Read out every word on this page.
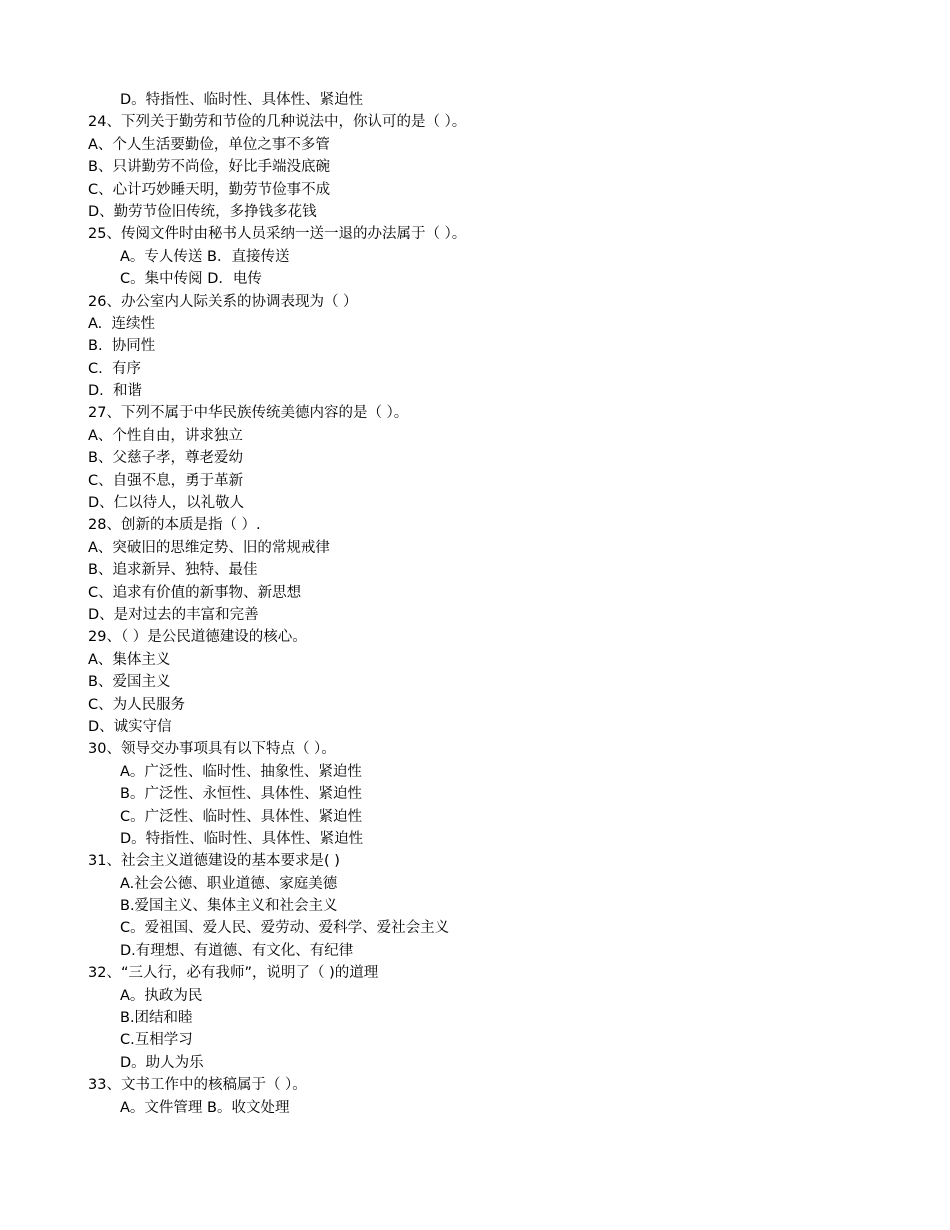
D。特指性、临时性、具体性、紧迫性
24、下列关于勤劳和节俭的几种说法中，你认可的是（ ）。
A、个人生活要勤俭，单位之事不多管
B、只讲勤劳不尚俭，好比手端没底碗
C、心计巧妙睡天明，勤劳节俭事不成
D、勤劳节俭旧传统，多挣钱多花钱
25、传阅文件时由秘书人员采纳一送一退的办法属于（ ）。
A。专人传送 B．直接传送
C。集中传阅 D．电传
26、办公室内人际关系的协调表现为（ ）
A.  连续性
B.  协同性
C.  有序
D.  和谐
27、下列不属于中华民族传统美德内容的是（ ）。
A、个性自由，讲求独立
B、父慈子孝，尊老爱幼
C、自强不息，勇于革新
D、仁以待人，以礼敬人
28、创新的本质是指（ ）.
A、突破旧的思维定势、旧的常规戒律
B、追求新异、独特、最佳
C、追求有价值的新事物、新思想
D、是对过去的丰富和完善
29、（ ）是公民道德建设的核心。
A、集体主义
B、爱国主义
C、为人民服务
D、诚实守信
30、领导交办事项具有以下特点（ ）。
A。广泛性、临时性、抽象性、紧迫性
B。广泛性、永恒性、具体性、紧迫性
C。广泛性、临时性、具体性、紧迫性
D。特指性、临时性、具体性、紧迫性
31、社会主义道德建设的基本要求是( )
A.社会公德、职业道德、家庭美德
B.爱国主义、集体主义和社会主义
C。爱祖国、爱人民、爱劳动、爱科学、爱社会主义
D.有理想、有道德、有文化、有纪律
32、“三人行，必有我师”，说明了（ )的道理
A。执政为民
B.团结和睦
C.互相学习
D。助人为乐
33、文书工作中的核稿属于（ ）。
A。文件管理 B。收文处理
